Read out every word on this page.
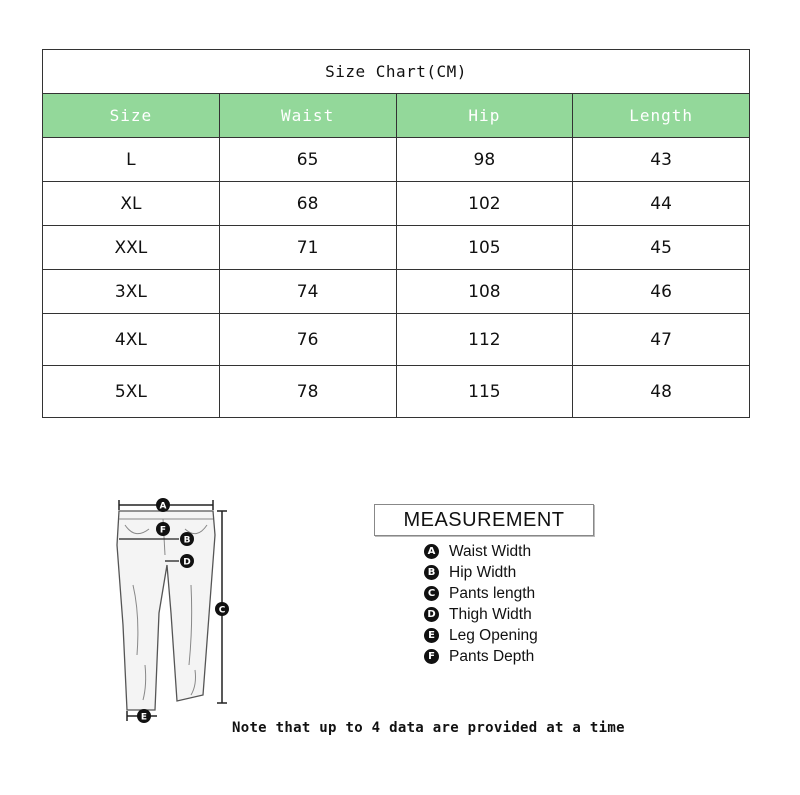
Size Chart(CM)			
Size	Waist	Hip	Length
L	65	98	43
XL	68	102	44
XXL	71	105	45
3XL	74	108	46
4XL	76	112	47
5XL	78	115	48
A
F
B
D
C
E
MEASUREMENT
A Waist Width
B Hip Width
C Pants length
D Thigh Width
E Leg Opening
F Pants Depth
Note that up to 4 data are provided at a time
